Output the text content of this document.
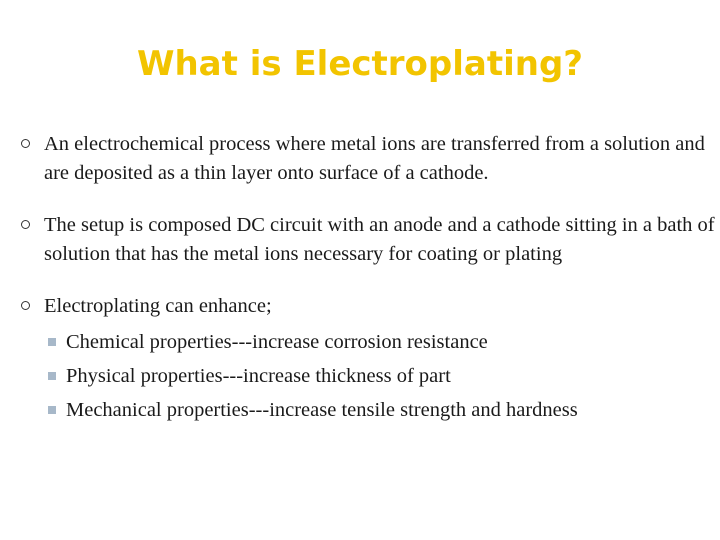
What is Electroplating?
An electrochemical process where metal ions are transferred from a solution and are deposited as a thin layer onto surface of a cathode.
The setup is composed DC circuit with an anode and a cathode sitting in a bath of solution that has the metal ions necessary for coating or plating
Electroplating can enhance;
Chemical properties---increase corrosion resistance
Physical properties---increase thickness of part
Mechanical properties---increase tensile strength and hardness
